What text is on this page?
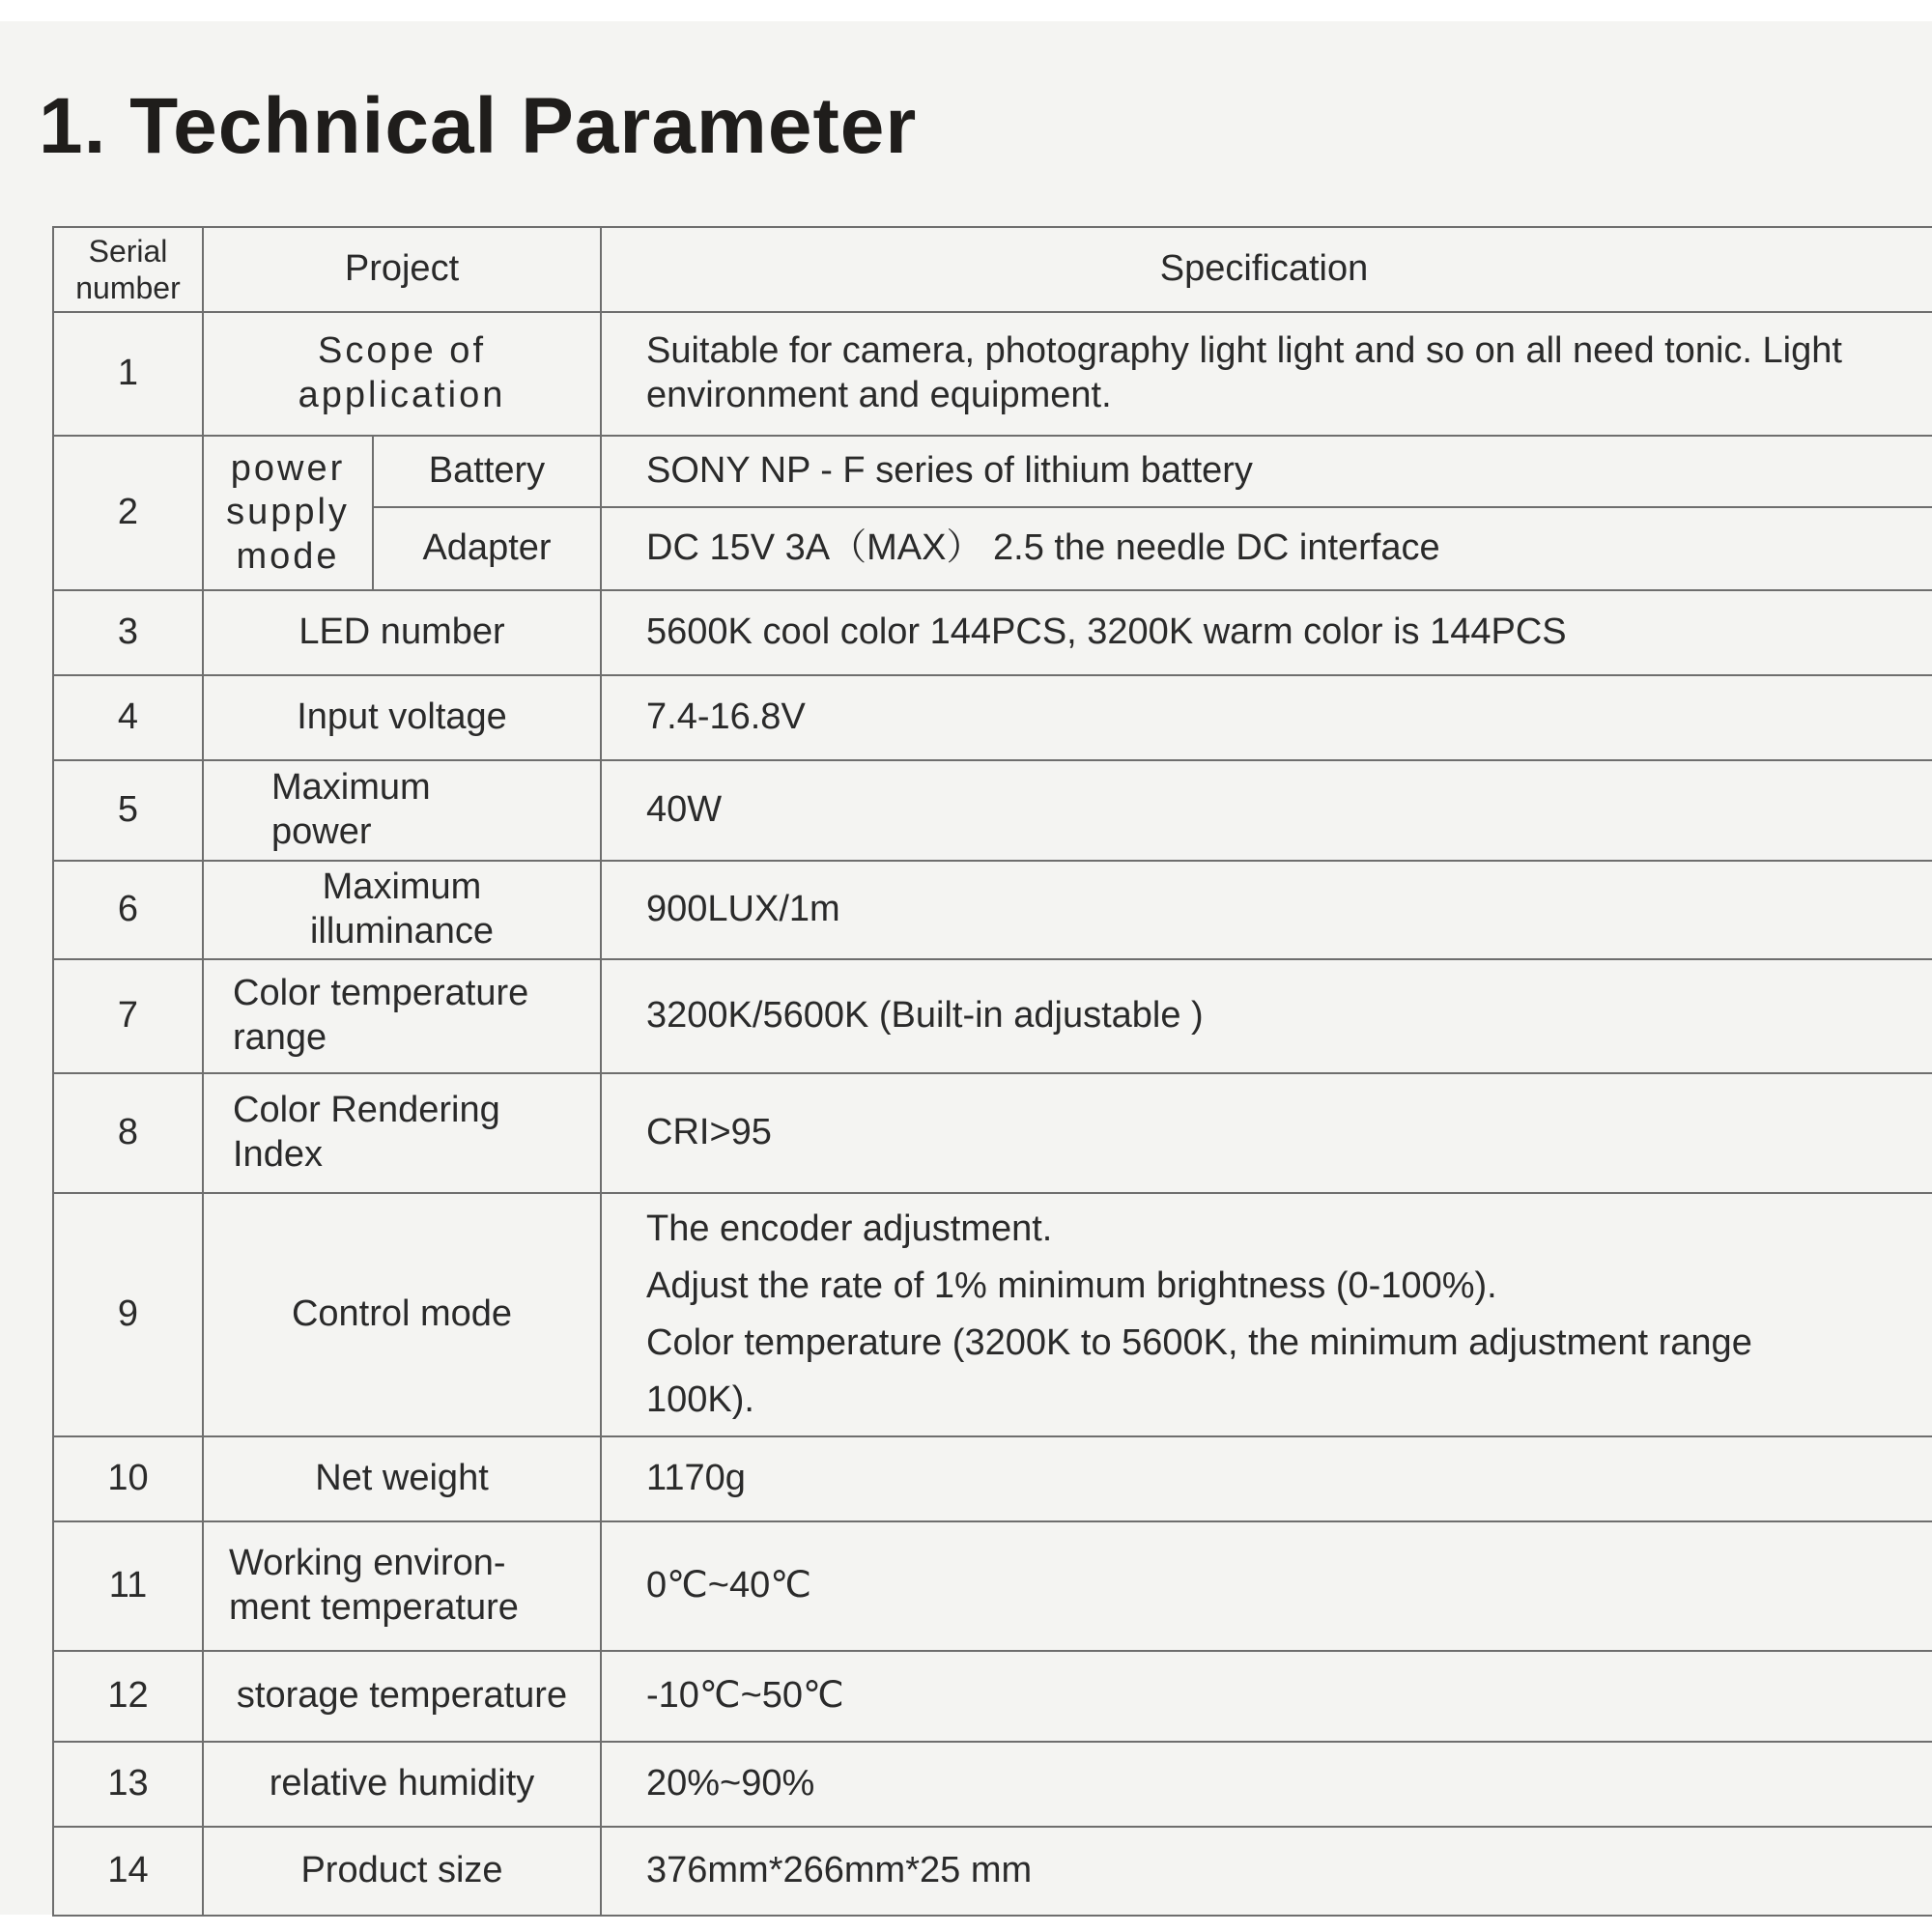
1. Technical Parameter
Serial
number	Project		Specification
1	Scope of application		Suitable for camera, photography light light and so on all need tonic. Light environment and equipment.
2	power supply mode	Battery	SONY NP - F series of lithium battery
		Adapter	DC 15V 3A（MAX） 2.5 the needle DC interface
3	LED number		5600K cool color 144PCS, 3200K warm color is 144PCS
4	Input voltage		7.4-16.8V
5	Maximum power		40W
6	Maximum illuminance		900LUX/1m
7	Color temperature range		3200K/5600K (Built-in adjustable )
8	Color Rendering Index		CRI>95
9	Control mode		The encoder adjustment.
Adjust the rate of 1% minimum brightness (0-100%).
Color temperature (3200K to 5600K, the minimum adjustment range
100K).

10	Net weight		1170g
11	Working environ- ment temperature		0℃~40℃
12	storage temperature		-10℃~50℃
13	relative humidity		20%~90%
14	Product size		376mm*266mm*25 mm
